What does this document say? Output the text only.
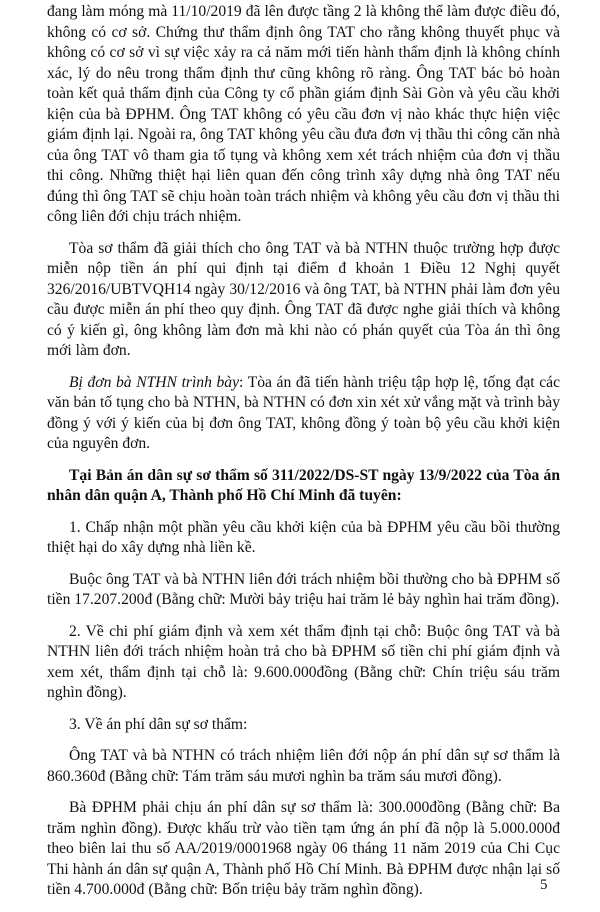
đang làm móng mà 11/10/2019 đã lên được tầng 2 là không thể làm được điều đó, không có cơ sở. Chứng thư thẩm định ông TAT cho rằng không thuyết phục và không có cơ sở vì sự việc xảy ra cả năm mới tiến hành thẩm định là không chính xác, lý do nêu trong thẩm định thư cũng không rõ ràng. Ông TAT bác bỏ hoàn toàn kết quả thẩm định của Công ty cổ phần giám định Sài Gòn và yêu cầu khởi kiện của bà ĐPHM. Ông TAT không có yêu cầu đơn vị nào khác thực hiện việc giám định lại. Ngoài ra, ông TAT không yêu cầu đưa đơn vị thầu thi công căn nhà của ông TAT vô tham gia tố tụng và không xem xét trách nhiệm của đơn vị thầu thi công. Những thiệt hại liên quan đến công trình xây dựng nhà ông TAT nếu đúng thì ông TAT sẽ chịu hoàn toàn trách nhiệm và không yêu cầu đơn vị thầu thi công liên đới chịu trách nhiệm.

Tòa sơ thẩm đã giải thích cho ông TAT và bà NTHN thuộc trường hợp được miễn nộp tiền án phí qui định tại điểm đ khoản 1 Điều 12 Nghị quyết 326/2016/UBTVQH14 ngày 30/12/2016 và ông TAT, bà NTHN phải làm đơn yêu cầu được miễn án phí theo quy định. Ông TAT đã được nghe giải thích và không có ý kiến gì, ông không làm đơn mà khi nào có phán quyết của Tòa án thì ông mới làm đơn.

Bị đơn bà NTHN trình bày: Tòa án đã tiến hành triệu tập hợp lệ, tống đạt các văn bản tố tụng cho bà NTHN, bà NTHN có đơn xin xét xử vắng mặt và trình bày đồng ý với ý kiến của bị đơn ông TAT, không đồng ý toàn bộ yêu cầu khởi kiện của nguyên đơn.

Tại Bản án dân sự sơ thẩm số 311/2022/DS-ST ngày 13/9/2022 của Tòa án nhân dân quận A, Thành phố Hồ Chí Minh đã tuyên:

1. Chấp nhận một phần yêu cầu khởi kiện của bà ĐPHM yêu cầu bồi thường thiệt hại do xây dựng nhà liền kề.

Buộc ông TAT và bà NTHN liên đới trách nhiệm bồi thường cho bà ĐPHM số tiền 17.207.200đ (Bằng chữ: Mười bảy triệu hai trăm lẻ bảy nghìn hai trăm đồng).

2. Về chi phí giám định và xem xét thẩm định tại chỗ: Buộc ông TAT và bà NTHN liên đới trách nhiệm hoàn trả cho bà ĐPHM số tiền chi phí giám định và xem xét, thẩm định tại chỗ là: 9.600.000đồng (Bằng chữ: Chín triệu sáu trăm nghìn đồng).

3. Về án phí dân sự sơ thẩm:

Ông TAT và bà NTHN có trách nhiệm liên đới nộp án phí dân sự sơ thẩm là 860.360đ (Bằng chữ: Tám trăm sáu mươi nghìn ba trăm sáu mươi đồng).

Bà ĐPHM phải chịu án phí dân sự sơ thẩm là: 300.000đồng (Bằng chữ: Ba trăm nghìn đồng). Được khấu trừ vào tiền tạm ứng án phí đã nộp là 5.000.000đ theo biên lai thu số AA/2019/0001968 ngày 06 tháng 11 năm 2019 của Chi Cục Thi hành án dân sự quận A, Thành phố Hồ Chí Minh. Bà ĐPHM được nhận lại số tiền 4.700.000đ (Bằng chữ: Bốn triệu bảy trăm nghìn đồng).	5
